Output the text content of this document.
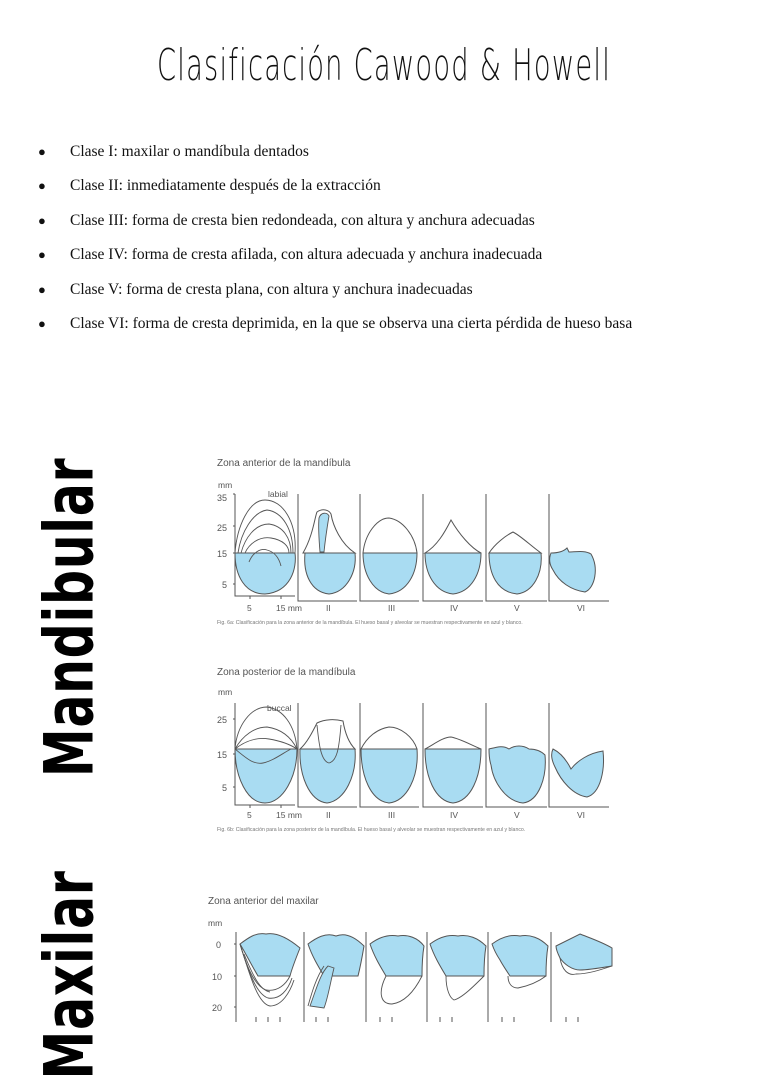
Clasificación Cawood & Howell
● Clase I: maxilar o mandíbula dentados
● Clase II: inmediatamente después de la extracción
● Clase III: forma de cresta bien redondeada, con altura y anchura adecuadas
● Clase IV: forma de cresta afilada, con altura adecuada y anchura inadecuada
● Clase V: forma de cresta plana, con altura y anchura inadecuadas
● Clase VI: forma de cresta deprimida, en la que se observa una cierta pérdida de hueso basa
Mandibular
Maxilar
Zona anterior de la mandíbula
mm
35
25
15
5
labial
5	15 mm	II	III	IV	V	VI
Fig. 6a: Clasificación para la zona anterior de la mandíbula. El hueso basal y alveolar se muestran respectivamente en azul y blanco.
Zona posterior de la mandíbula
mm
25
15
5
buccal
5	15 mm	II	III	IV	V	VI
Fig. 6b: Clasificación para la zona posterior de la mandíbula. El hueso basal y alveolar se muestran respectivamente en azul y blanco.
Zona anterior del maxilar
mm
0
10
20
